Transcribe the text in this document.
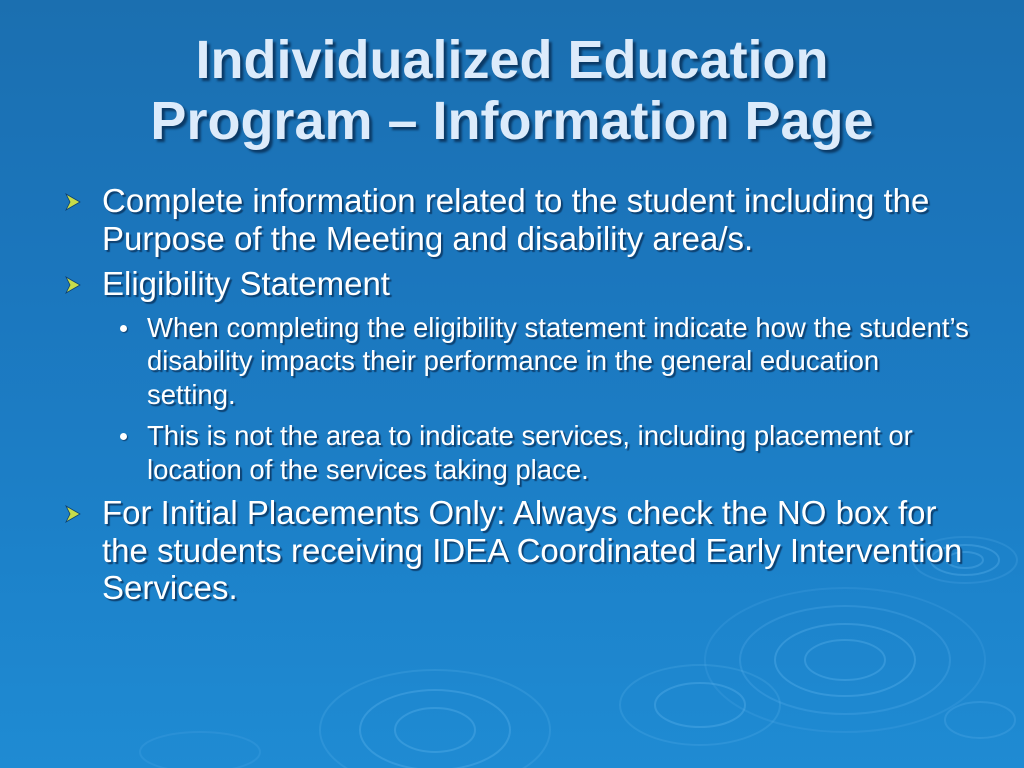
Individualized Education
Program – Information Page
Complete information related to the student including the Purpose of the Meeting and disability area/s.
Eligibility Statement
When completing the eligibility statement indicate how the student’s disability impacts their performance in the general education setting.
This is not the area to indicate services, including placement or location of the services taking place.
For Initial Placements Only: Always check the NO box for the students receiving IDEA Coordinated Early Intervention Services.
